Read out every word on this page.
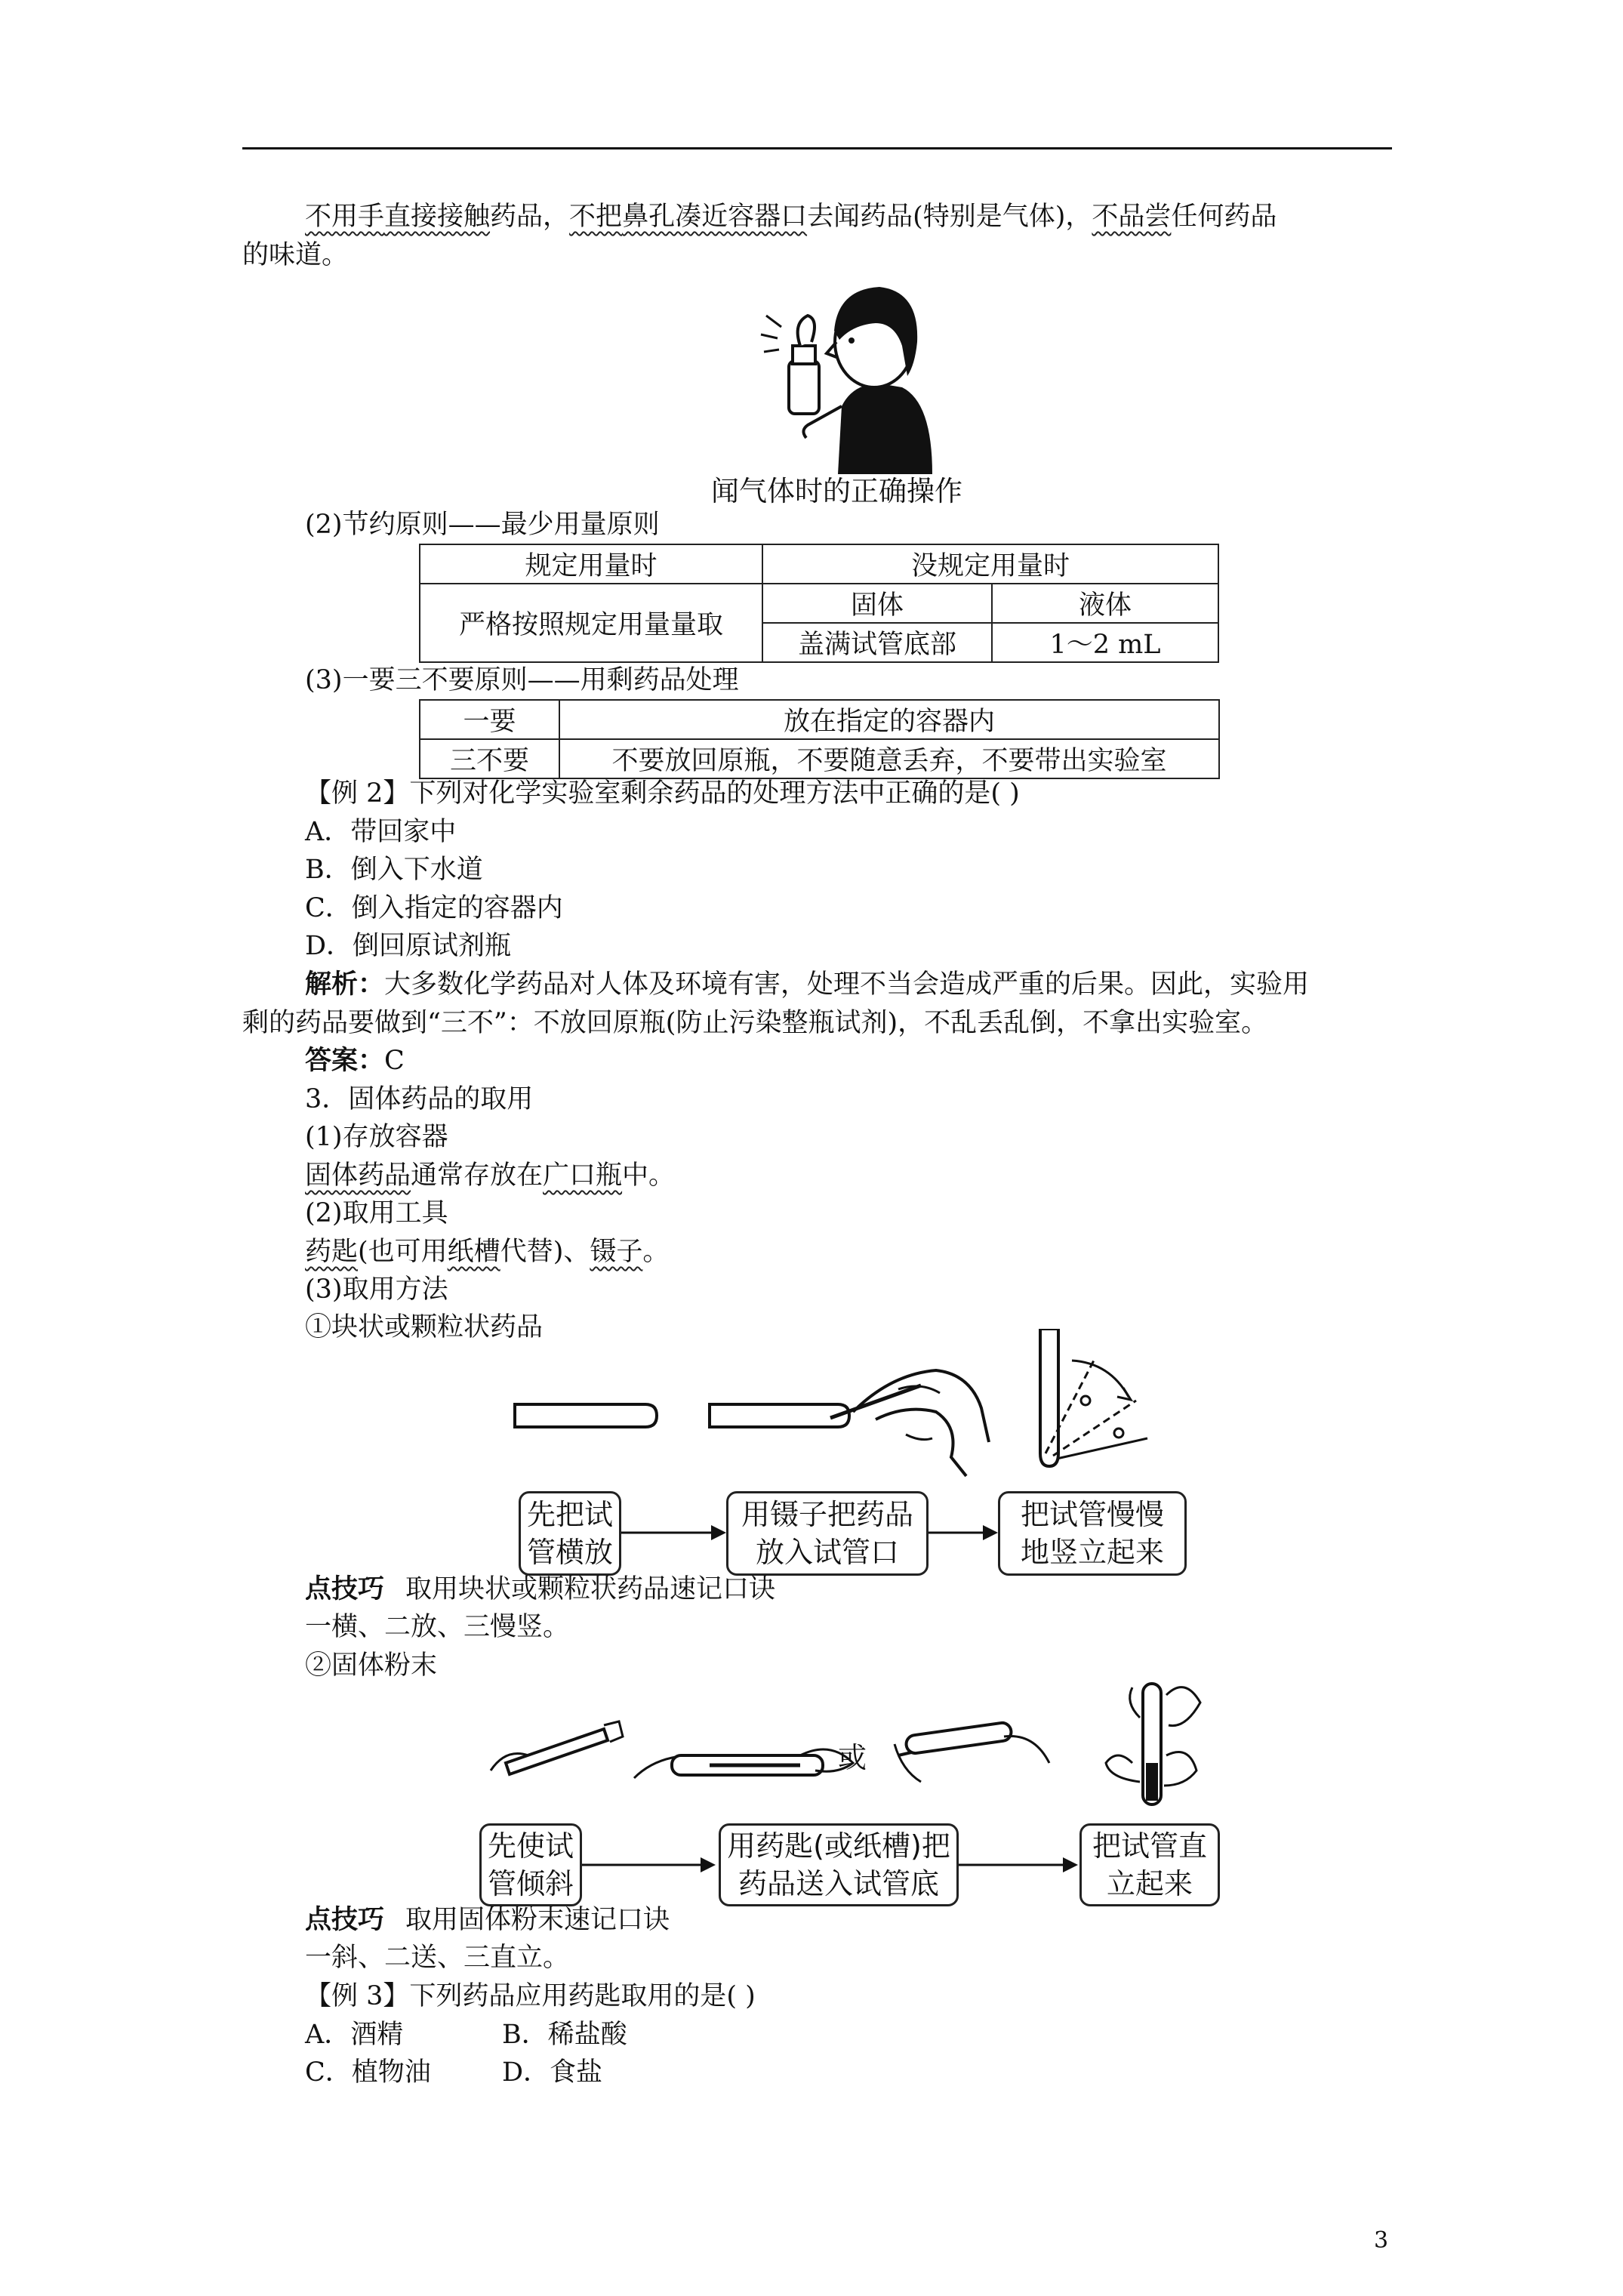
不用手直接接触药品，不把鼻孔凑近容器口去闻药品(特别是气体)，不品尝任何药品
的味道。
闻气体时的正确操作
(2)节约原则——最少用量原则
规定用量时	没规定用量时	
严格按照规定用量量取	固体	液体
	盖满试管底部	1～2 mL
(3)一要三不要原则——用剩药品处理
一要	放在指定的容器内
三不要	不要放回原瓶，不要随意丢弃，不要带出实验室
【例 2】下列对化学实验室剩余药品的处理方法中正确的是( )
A．带回家中
B．倒入下水道
C．倒入指定的容器内
D．倒回原试剂瓶
解析：大多数化学药品对人体及环境有害，处理不当会造成严重的后果。因此，实验用
剩的药品要做到“三不”：不放回原瓶(防止污染整瓶试剂)，不乱丢乱倒，不拿出实验室。
答案：C
3．固体药品的取用
(1)存放容器
固体药品通常存放在广口瓶中。
(2)取用工具
药匙(也可用纸槽代替)、镊子。
(3)取用方法
①块状或颗粒状药品
先把试
管横放
用镊子把药品
放入试管口
把试管慢慢
地竖立起来
点技巧 取用块状或颗粒状药品速记口诀
一横、二放、三慢竖。
②固体粉末
或
先使试
管倾斜
用药匙(或纸槽)把
药品送入试管底
把试管直
立起来
点技巧 取用固体粉末速记口诀
一斜、二送、三直立。
【例 3】下列药品应用药匙取用的是( )
A．酒精	B．稀盐酸
C．植物油	D．食盐
3
